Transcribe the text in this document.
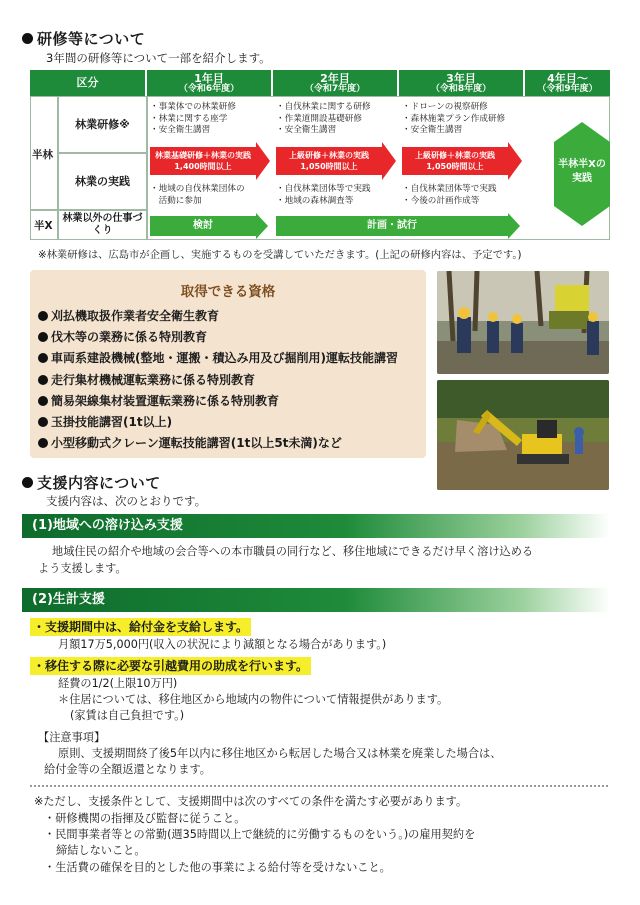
研修等について
3年間の研修等について一部を紹介します。
区分	1年目
（令和6年度）
2年目
（令和7年度）
3年目
（令和8年度）
4年目～
（令和9年度）
半林
半X
林業研修※
林業の実践
林業以外の仕事づくり
・事業体での林業研修
・林業に関する座学
・安全衛生講習
林業基礎研修＋林業の実践
1,400時間以上
・地域の自伐林業団体の
　活動に参加
・自伐林業に関する研修
・作業道開設基礎研修
・安全衛生講習
上級研修＋林業の実践
1,050時間以上
・自伐林業団体等で実践
・地域の森林調査等
・ドローンの視察研修
・森林施業プラン作成研修
・安全衛生講習
上級研修＋林業の実践
1,050時間以上
・自伐林業団体等で実践
・今後の計画作成等
半林半Xの
実践
検討	計画・試行
※林業研修は、広島市が企画し、実施するものを受講していただきます。(上記の研修内容は、予定です。)
取得できる資格
刈払機取扱作業者安全衛生教育
伐木等の業務に係る特別教育
車両系建設機械(整地・運搬・積込み用及び掘削用)運転技能講習
走行集材機械運転業務に係る特別教育
簡易架線集材装置運転業務に係る特別教育
玉掛技能講習(1t以上)
小型移動式クレーン運転技能講習(1t以上5t未満)など
支援内容について
支援内容は、次のとおりです。
(1)地域への溶け込み支援
地域住民の紹介や地域の会合等への本市職員の同行など、移住地域にできるだけ早く溶け込める
よう支援します。
(2)生計支援
・支援期間中は、給付金を支給します。
月額17万5,000円(収入の状況により減額となる場合があります。)
・移住する際に必要な引越費用の助成を行います。
経費の1/2(上限10万円)
＊住居については、移住地区から地域内の物件について情報提供があります。
(家賃は自己負担です。)
【注意事項】
原則、支援期間終了後5年以内に移住地区から転居した場合又は林業を廃業した場合は、
給付金等の全額返還となります。
※ただし、支援条件として、支援期間中は次のすべての条件を満たす必要があります。
・研修機関の指揮及び監督に従うこと。
・民間事業者等との常勤(週35時間以上で継続的に労働するものをいう。)の雇用契約を
締結しないこと。
・生活費の確保を目的とした他の事業による給付等を受けないこと。
